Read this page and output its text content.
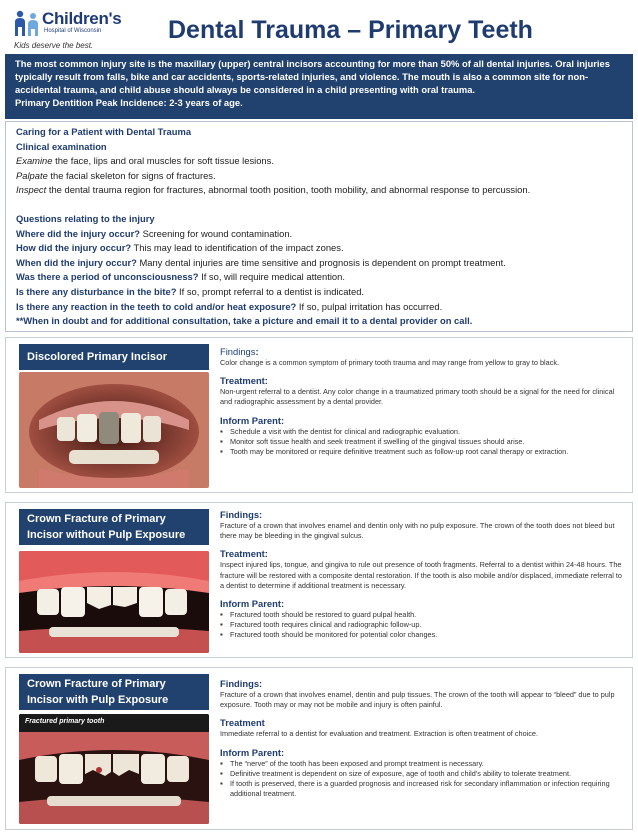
Children's
Hospital of Wisconsin
Kids deserve the best.
Dental Trauma – Primary Teeth
The most common injury site is the maxillary (upper) central incisors accounting for more than 50% of all dental injuries. Oral injuries typically result from falls, bike and car accidents, sports-related injuries, and violence. The mouth is also a common site for non-accidental trauma, and child abuse should always be considered in a child presenting with oral trauma.
Primary Dentition Peak Incidence: 2-3 years of age.
Caring for a Patient with Dental Trauma
Clinical examination
Examine the face, lips and oral muscles for soft tissue lesions.
Palpate the facial skeleton for signs of fractures.
Inspect the dental trauma region for fractures, abnormal tooth position, tooth mobility, and abnormal response to percussion.
Questions relating to the injury
Where did the injury occur? Screening for wound contamination.
How did the injury occur? This may lead to identification of the impact zones.
When did the injury occur? Many dental injuries are time sensitive and prognosis is dependent on prompt treatment.
Was there a period of unconsciousness? If so, will require medical attention.
Is there any disturbance in the bite? If so, prompt referral to a dentist is indicated.
Is there any reaction in the teeth to cold and/or heat exposure? If so, pulpal irritation has occurred.
**When in doubt and for additional consultation, take a picture and email it to a dental provider on call.
Discolored Primary Incisor	Findings:

Color change is a common symptom of primary tooth trauma and may range from yellow to gray to black.

Treatment:

Non-urgent referral to a dentist. Any color change in a traumatized primary tooth should be a signal for the need for clinical and radiographic assessment by a dental provider.

Inform Parent:
▪ Schedule a visit with the dentist for clinical and radiographic evaluation.
▪ Monitor soft tissue health and seek treatment if swelling of the gingival tissues should arise.
▪ Tooth may be monitored or require definitive treatment such as follow-up root canal therapy or extraction.
Crown Fracture of Primary Incisor without Pulp Exposure
Findings:

Fracture of a crown that involves enamel and dentin only with no pulp exposure. The crown of the tooth does not bleed but there may be bleeding in the gingival sulcus.

Treatment:

Inspect injured lips, tongue, and gingiva to rule out presence of tooth fragments. Referral to a dentist within 24-48 hours. The fracture will be restored with a composite dental restoration. If the tooth is also mobile and/or displaced, immediate referral to a dentist to determine if additional treatment is necessary.

Inform Parent:
▪ Fractured tooth should be restored to guard pulpal health.
▪ Fractured tooth requires clinical and radiographic follow-up.
▪ Fractured tooth should be monitored for potential color changes.
Crown Fracture of Primary Incisor with Pulp Exposure
Fractured primary tooth
Findings:

Fracture of a crown that involves enamel, dentin and pulp tissues. The crown of the tooth will appear to “bleed” due to pulp exposure. Tooth may or may not be mobile and injury is often painful.

Treatment

Immediate referral to a dentist for evaluation and treatment. Extraction is often treatment of choice.

Inform Parent:
▪ The “nerve” of the tooth has been exposed and prompt treatment is necessary.
▪ Definitive treatment is dependent on size of exposure, age of tooth and child’s ability to tolerate treatment.
▪ If tooth is preserved, there is a guarded prognosis and increased risk for secondary inflammation or infection requiring additional treatment.
